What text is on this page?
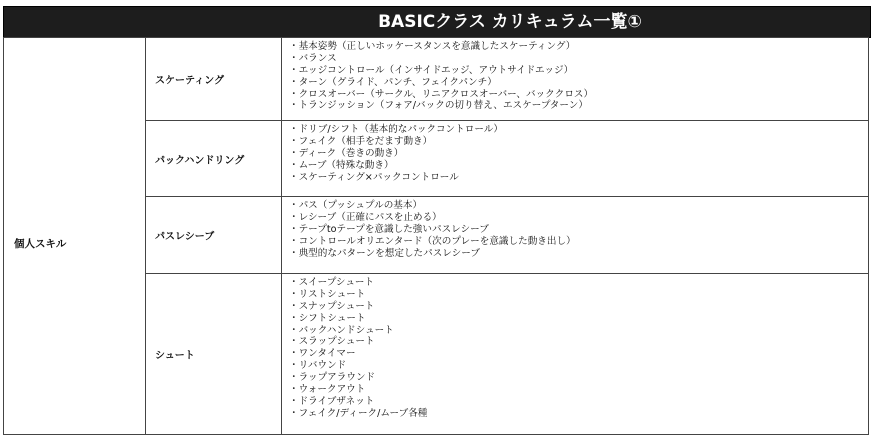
BASICクラス カリキュラム一覧①
個人スキル
スケーティング
・基本姿勢（正しいホッケースタンスを意識したスケーティング）
・バランス
・エッジコントロール（インサイドエッジ、アウトサイドエッジ）
・ターン（グライド、パンチ、フェイクパンチ）
・クロスオーバー（サークル、リニアクロスオーバー、バッククロス）
・トランジッション（フォア/バックの切り替え、エスケープターン）
パックハンドリング
・ドリブ/シフト（基本的なパックコントロール）
・フェイク（相手をだます動き）
・ディーク（巻きの動き）
・ムーブ（特殊な動き）
・スケーティング×パックコントロール
パスレシーブ
・パス（プッシュプルの基本）
・レシーブ（正確にパスを止める）
・テープtoテープを意識した強いパスレシーブ
・コントロールオリエンタード（次のプレーを意識した動き出し）
・典型的なパターンを想定したパスレシーブ
シュート
・スイープシュート
・リストシュート
・スナップシュート
・シフトシュート
・バックハンドシュート
・スラップシュート
・ワンタイマー
・リバウンド
・ラップアラウンド
・ウォークアウト
・ドライブザネット
・フェイク/ディーク/ムーブ各種
